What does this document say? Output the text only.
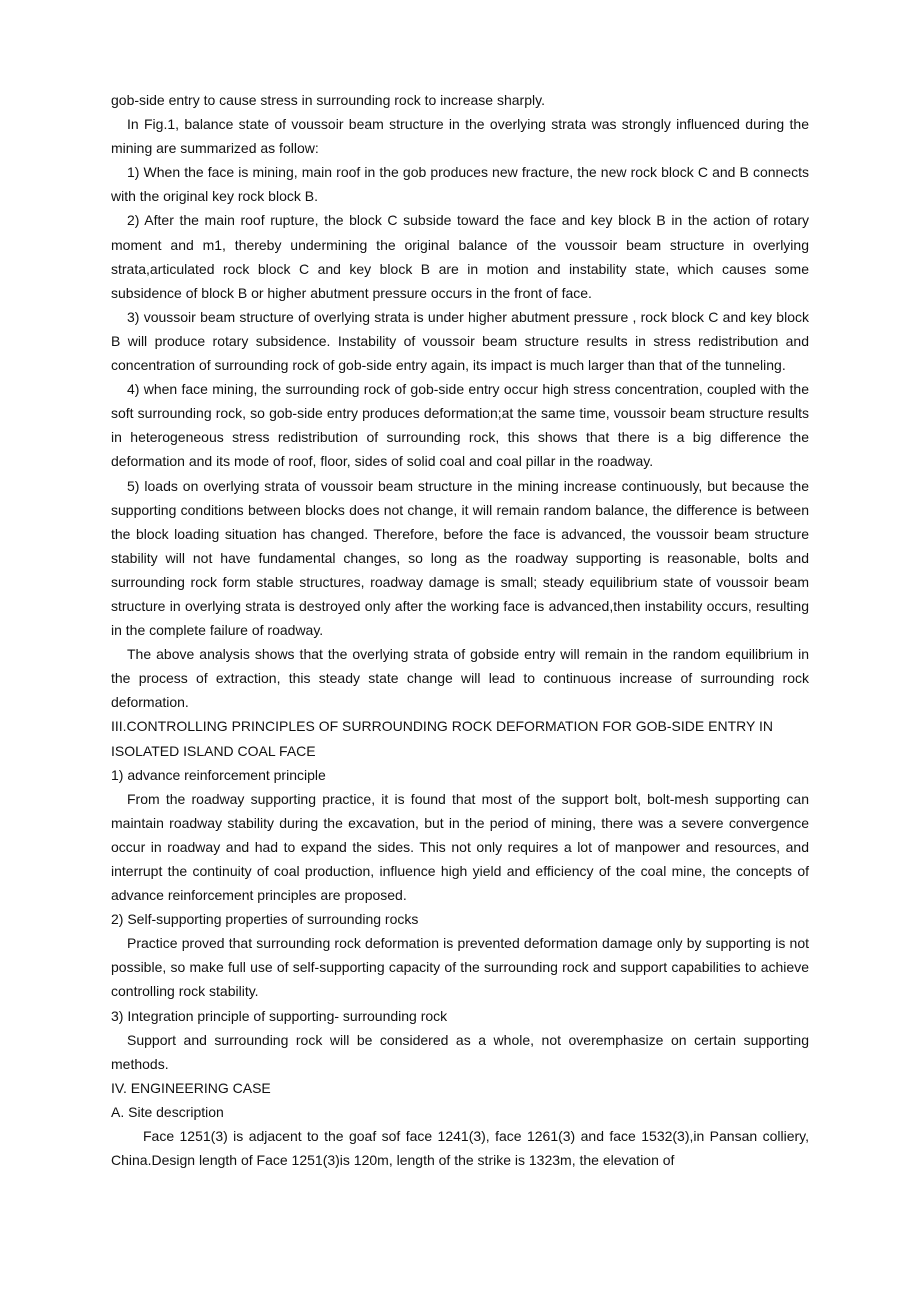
gob-side entry to cause stress in surrounding rock to increase sharply.

In Fig.1, balance state of voussoir beam structure in the overlying strata was strongly influenced during the mining are summarized as follow:

1) When the face is mining, main roof in the gob produces new fracture, the new rock block C and B connects with the original key rock block B.

2) After the main roof rupture, the block C subside toward the face and key block B in the action of rotary moment and m1, thereby undermining the original balance of the voussoir beam structure in overlying strata,articulated rock block C and key block B are in motion and instability state, which causes some subsidence of block B or higher abutment pressure occurs in the front of face.

3) voussoir beam structure of overlying strata is under higher abutment pressure , rock block C and key block B will produce rotary subsidence. Instability of voussoir beam structure results in stress redistribution and concentration of surrounding rock of gob-side entry again, its impact is much larger than that of the tunneling.

4) when face mining, the surrounding rock of gob-side entry occur high stress concentration, coupled with the soft surrounding rock, so gob-side entry produces deformation;at the same time, voussoir beam structure results in heterogeneous stress redistribution of surrounding rock, this shows that there is a big difference the deformation and its mode of roof, floor, sides of solid coal and coal pillar in the roadway.

5) loads on overlying strata of voussoir beam structure in the mining increase continuously, but because the supporting conditions between blocks does not change, it will remain random balance, the difference is between the block loading situation has changed. Therefore, before the face is advanced, the voussoir beam structure stability will not have fundamental changes, so long as the roadway supporting is reasonable, bolts and surrounding rock form stable structures, roadway damage is small; steady equilibrium state of voussoir beam structure in overlying strata is destroyed only after the working face is advanced,then instability occurs, resulting in the complete failure of roadway.

The above analysis shows that the overlying strata of gobside entry will remain in the random equilibrium in the process of extraction, this steady state change will lead to continuous increase of surrounding rock deformation.

III.CONTROLLING PRINCIPLES OF SURROUNDING ROCK DEFORMATION FOR GOB-SIDE ENTRY IN ISOLATED ISLAND COAL FACE

1) advance reinforcement principle

From the roadway supporting practice, it is found that most of the support bolt, bolt-mesh supporting can maintain roadway stability during the excavation, but in the period of mining, there was a severe convergence occur in roadway and had to expand the sides. This not only requires a lot of manpower and resources, and interrupt the continuity of coal production, influence high yield and efficiency of the coal mine, the concepts of advance reinforcement principles are proposed.

2) Self-supporting properties of surrounding rocks

Practice proved that surrounding rock deformation is prevented deformation damage only by supporting is not possible, so make full use of self-supporting capacity of the surrounding rock and support capabilities to achieve controlling rock stability.

3) Integration principle of supporting- surrounding rock

Support and surrounding rock will be considered as a whole, not overemphasize on certain supporting methods.

IV. ENGINEERING CASE

A. Site description

Face 1251(3) is adjacent to the goaf sof face 1241(3), face 1261(3) and face 1532(3),in Pansan colliery, China.Design length of Face 1251(3)is 120m, length of the strike is 1323m, the elevation of
